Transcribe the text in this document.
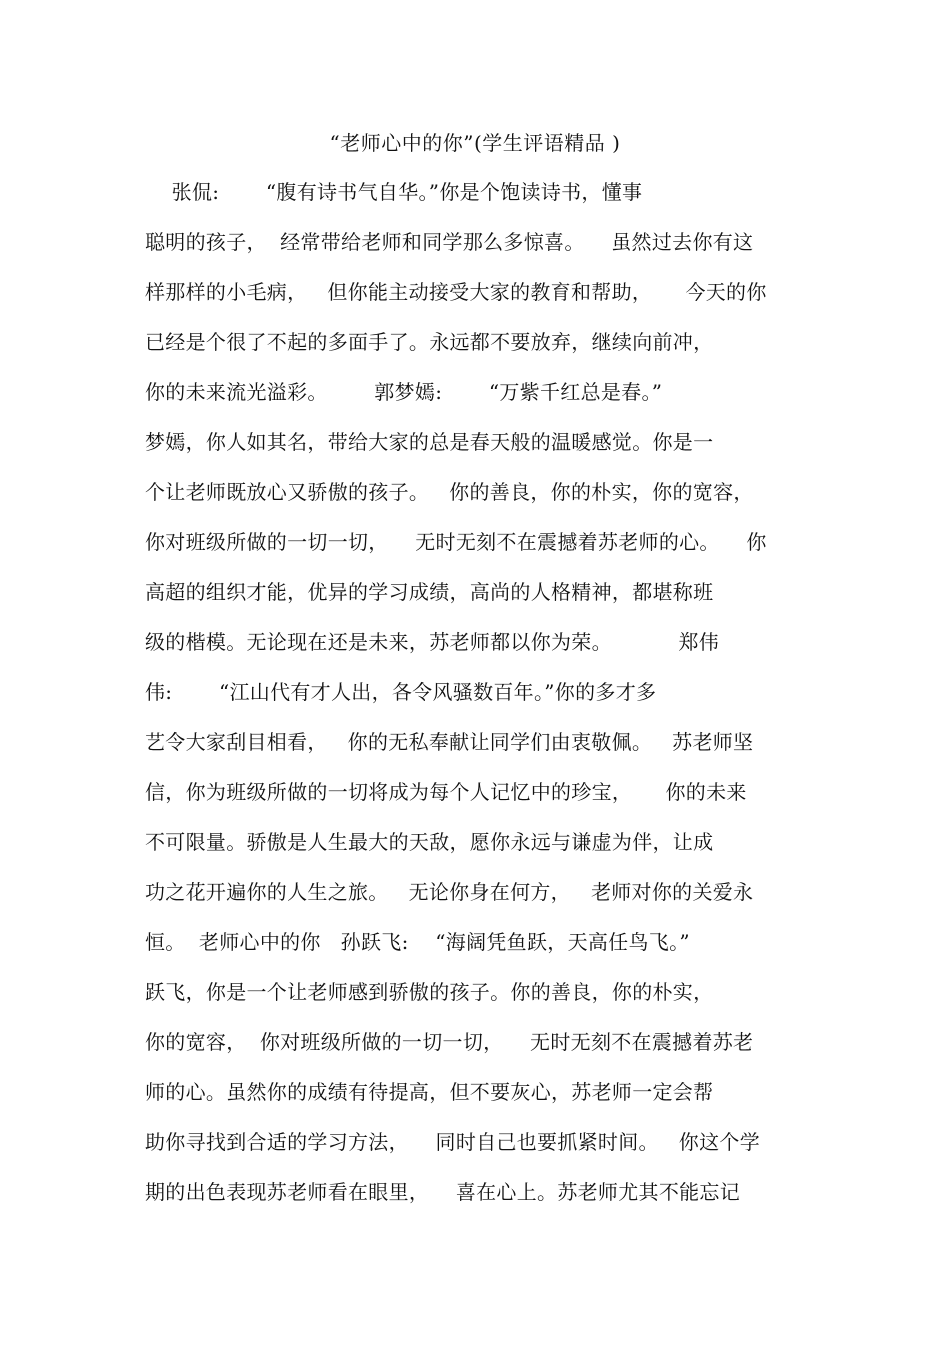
“老师心中的你”(学生评语精品 )
张侃:       “腹有诗书气自华。”你是个饱读诗书，懂事
聪明的孩子，  经常带给老师和同学那么多惊喜。    虽然过去你有这
样那样的小毛病，   但你能主动接受大家的教育和帮助，     今天的你
已经是个很了不起的多面手了。永远都不要放弃，继续向前冲，
你的未来流光溢彩。       郭梦嫣:       “万紫千红总是春。”
梦嫣，你人如其名，带给大家的总是春天般的温暖感觉。你是一
个让老师既放心又骄傲的孩子。   你的善良，你的朴实，你的宽容，
你对班级所做的一切一切，    无时无刻不在震撼着苏老师的心。    你
高超的组织才能，优异的学习成绩，高尚的人格精神，都堪称班
级的楷模。无论现在还是未来，苏老师都以你为荣。          郑伟
伟:       “江山代有才人出，各令风骚数百年。”你的多才多
艺令大家刮目相看，   你的无私奉献让同学们由衷敬佩。   苏老师坚
信，你为班级所做的一切将成为每个人记忆中的珍宝，     你的未来
不可限量。骄傲是人生最大的天敌，愿你永远与谦虚为伴，让成
功之花开遍你的人生之旅。   无论你身在何方，   老师对你的关爱永
恒。  老师心中的你   孙跃飞:    “海阔凭鱼跃，天高任鸟飞。”
跃飞，你是一个让老师感到骄傲的孩子。你的善良，你的朴实，
你的宽容，  你对班级所做的一切一切，    无时无刻不在震撼着苏老
师的心。虽然你的成绩有待提高，但不要灰心，苏老师一定会帮
助你寻找到合适的学习方法，    同时自己也要抓紧时间。   你这个学
期的出色表现苏老师看在眼里，    喜在心上。苏老师尤其不能忘记
